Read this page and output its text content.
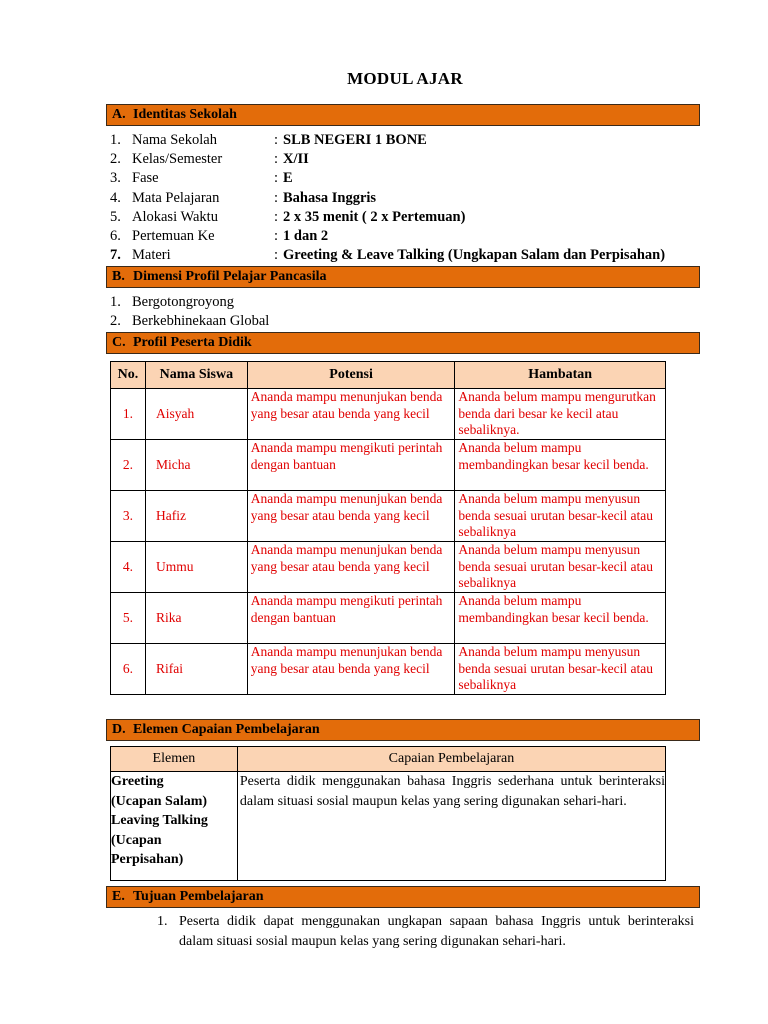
MODUL AJAR
A. Identitas Sekolah
1. Nama Sekolah	: SLB NEGERI 1 BONE
2. Kelas/Semester	: X/II
3. Fase	: E
4. Mata Pelajaran	: Bahasa Inggris
5. Alokasi Waktu	: 2 x 35 menit ( 2 x Pertemuan)
6. Pertemuan Ke	: 1 dan 2
7. Materi	: Greeting & Leave Talking (Ungkapan Salam dan Perpisahan)
B. Dimensi Profil Pelajar Pancasila
1. Bergotongroyong
2. Berkebhinekaan Global
C. Profil Peserta Didik
No.	Nama Siswa	Potensi	Hambatan
1.	Aisyah	Ananda mampu menunjukan benda yang besar atau benda yang kecil	Ananda belum mampu mengurutkan benda dari besar ke kecil atau sebaliknya.
2.	Micha	Ananda mampu mengikuti perintah dengan bantuan	Ananda belum mampu membandingkan besar kecil benda.
3.	Hafiz	Ananda mampu menunjukan benda yang besar atau benda yang kecil	Ananda belum mampu menyusun benda sesuai urutan besar-kecil atau sebaliknya
4.	Ummu	Ananda mampu menunjukan benda yang besar atau benda yang kecil	Ananda belum mampu menyusun benda sesuai urutan besar-kecil atau sebaliknya
5.	Rika	Ananda mampu mengikuti perintah dengan bantuan	Ananda belum mampu membandingkan besar kecil benda.
6.	Rifai	Ananda mampu menunjukan benda yang besar atau benda yang kecil	Ananda belum mampu menyusun benda sesuai urutan besar-kecil atau sebaliknya
D. Elemen Capaian Pembelajaran
Elemen	Capaian Pembelajaran

Greeting
(Ucapan Salam)
Leaving Talking
(Ucapan
Perpisahan)	Peserta didik menggunakan bahasa Inggris sederhana untuk berinteraksi dalam situasi sosial maupun kelas yang sering digunakan sehari-hari.
E. Tujuan Pembelajaran
1. Peserta didik dapat menggunakan ungkapan sapaan bahasa Inggris untuk berinteraksi dalam situasi sosial maupun kelas yang sering digunakan sehari-hari.
